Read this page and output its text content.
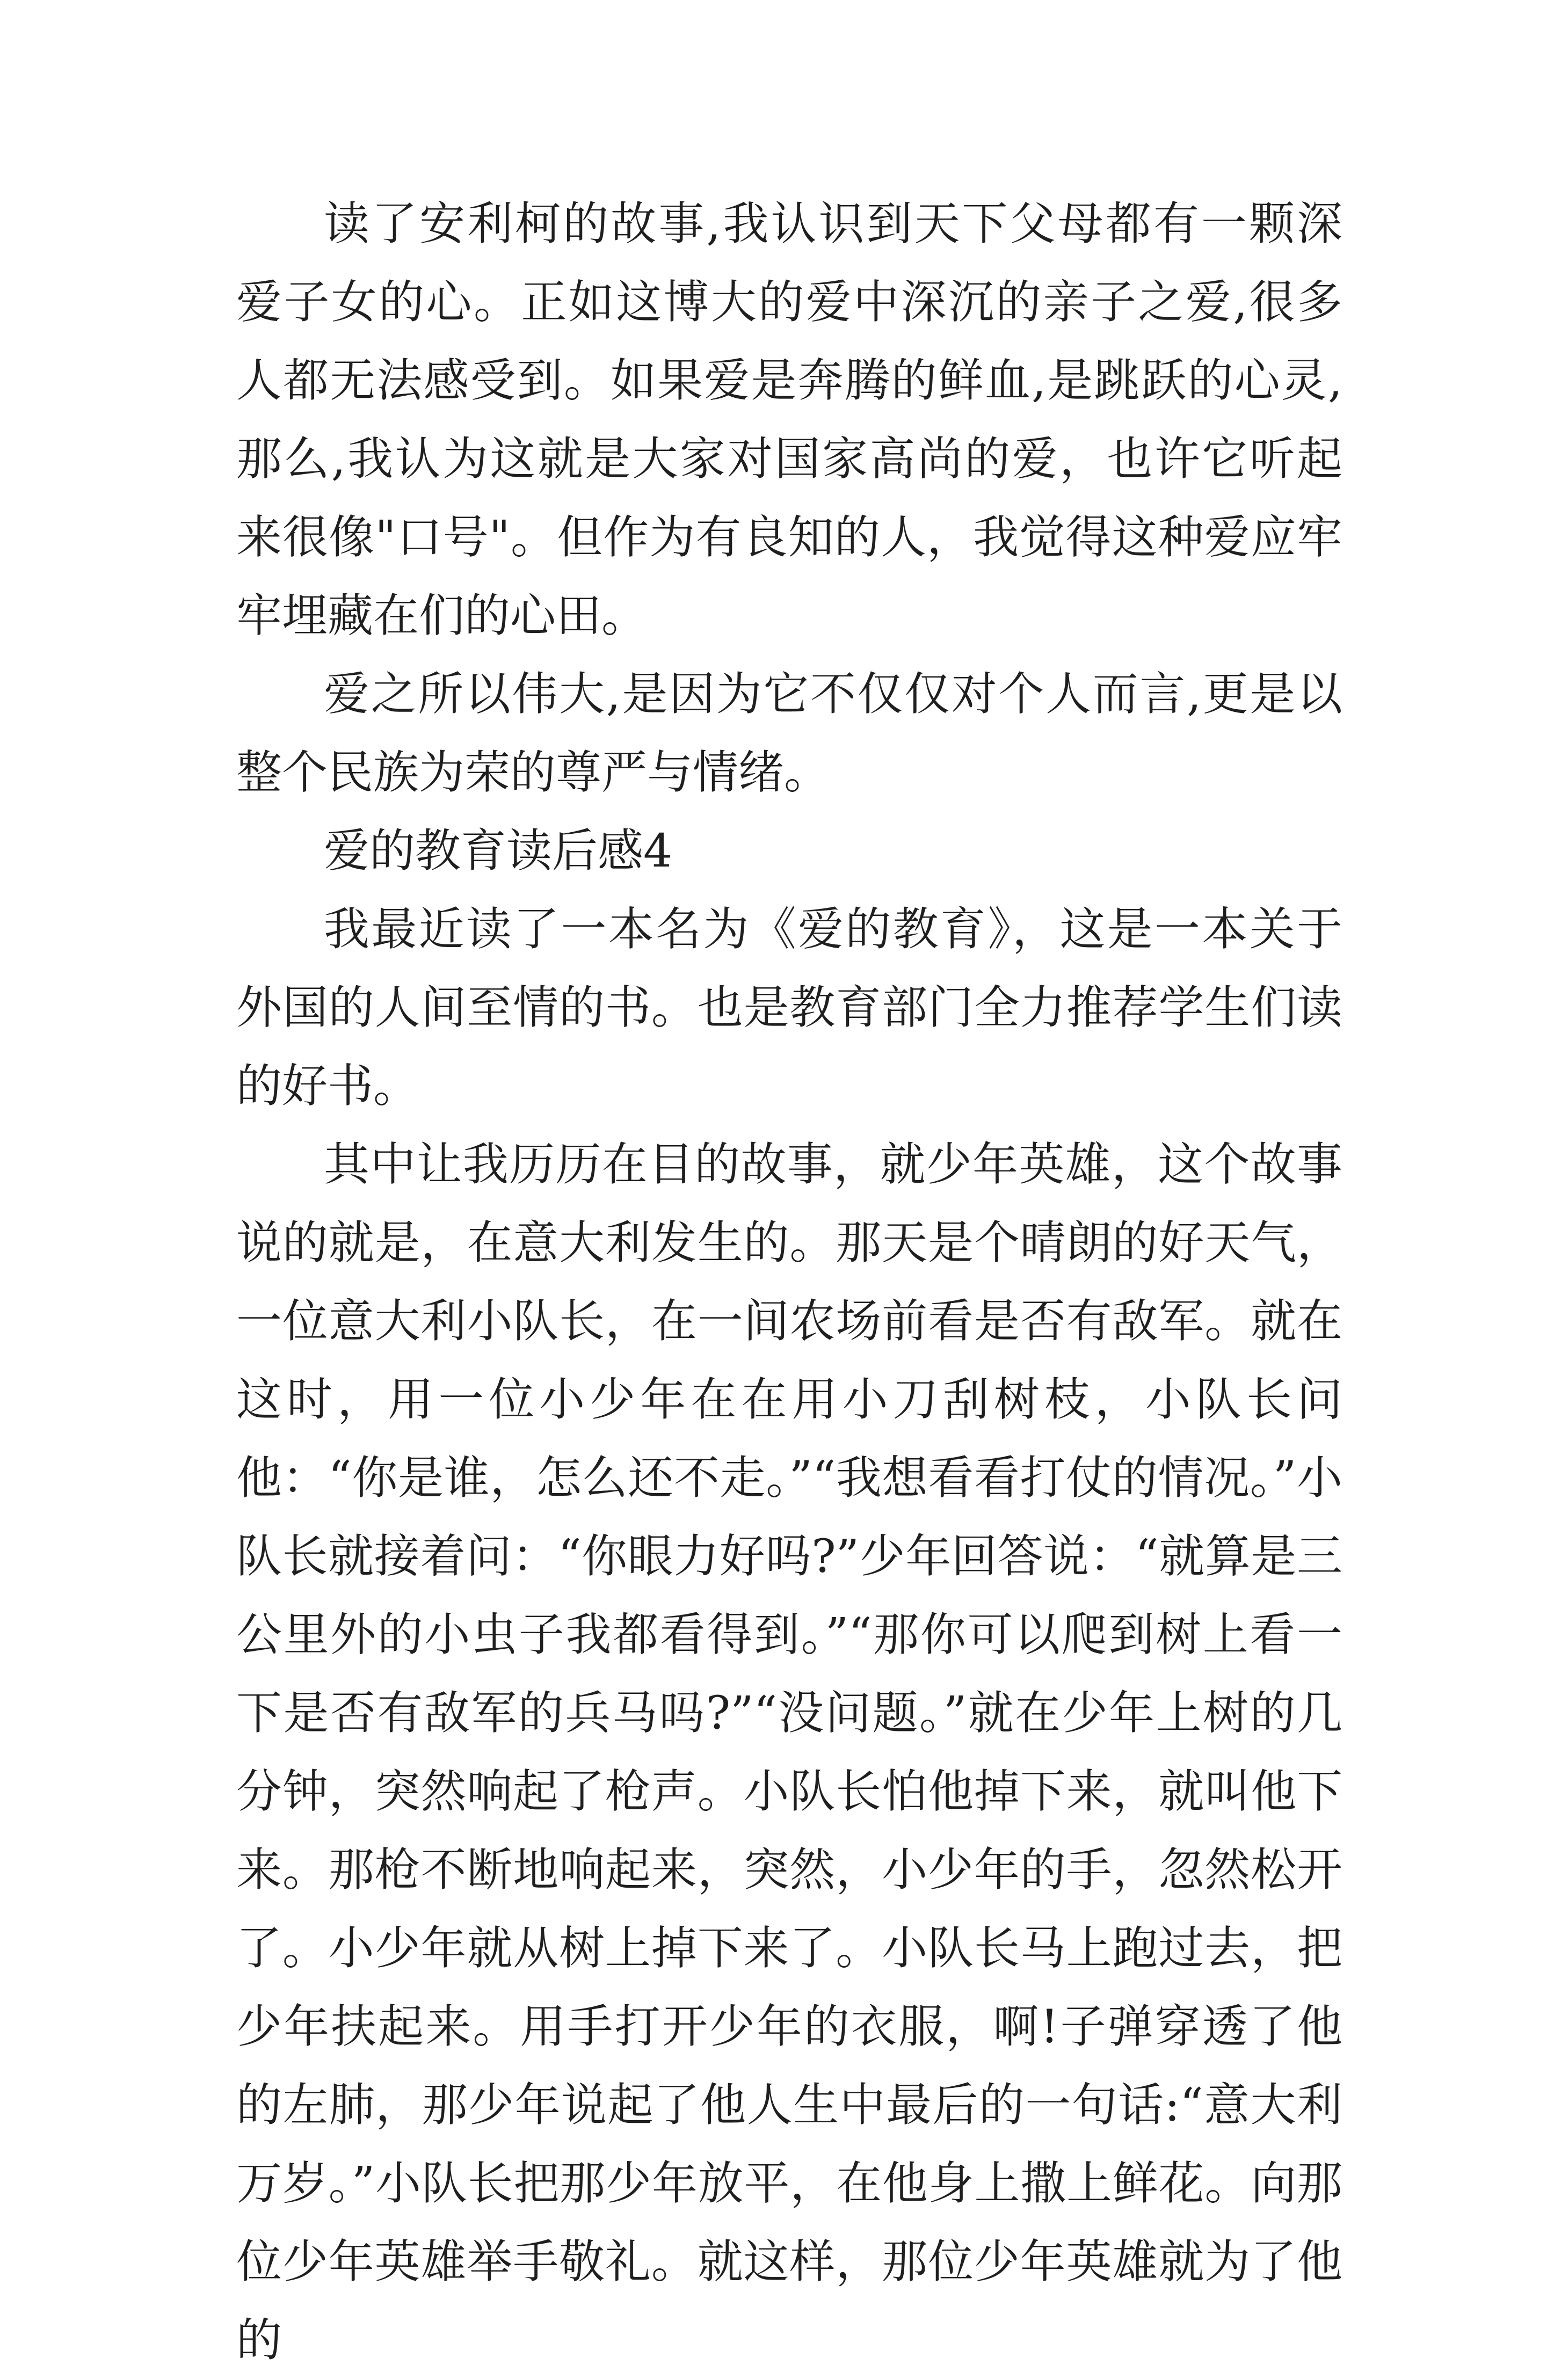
读了安利柯的故事,我认识到天下父母都有一颗深爱子女的心。正如这博大的爱中深沉的亲子之爱,很多人都无法感受到。如果爱是奔腾的鲜血,是跳跃的心灵,那么,我认为这就是大家对国家高尚的爱，也许它听起来很像"口号"。但作为有良知的人，我觉得这种爱应牢牢埋藏在们的心田。

爱之所以伟大,是因为它不仅仅对个人而言,更是以整个民族为荣的尊严与情绪。

爱的教育读后感4

我最近读了一本名为《爱的教育》，这是一本关于外国的人间至情的书。也是教育部门全力推荐学生们读的好书。

其中让我历历在目的故事，就少年英雄，这个故事说的就是，在意大利发生的。那天是个晴朗的好天气，一位意大利小队长，在一间农场前看是否有敌军。就在这时，用一位小少年在在用小刀刮树枝，小队长问他：“你是谁，怎么还不走。”“我想看看打仗的情况。”小队长就接着问：“你眼力好吗?”少年回答说：“就算是三公里外的小虫子我都看得到。”“那你可以爬到树上看一下是否有敌军的兵马吗?”“没问题。”就在少年上树的几分钟，突然响起了枪声。小队长怕他掉下来，就叫他下来。那枪不断地响起来，突然，小少年的手，忽然松开了。小少年就从树上掉下来了。小队长马上跑过去，把少年扶起来。用手打开少年的衣服，啊!子弹穿透了他的左肺，那少年说起了他人生中最后的一句话:“意大利万岁。”小队长把那少年放平，在他身上撒上鲜花。向那位少年英雄举手敬礼。就这样，那位少年英雄就为了他的
